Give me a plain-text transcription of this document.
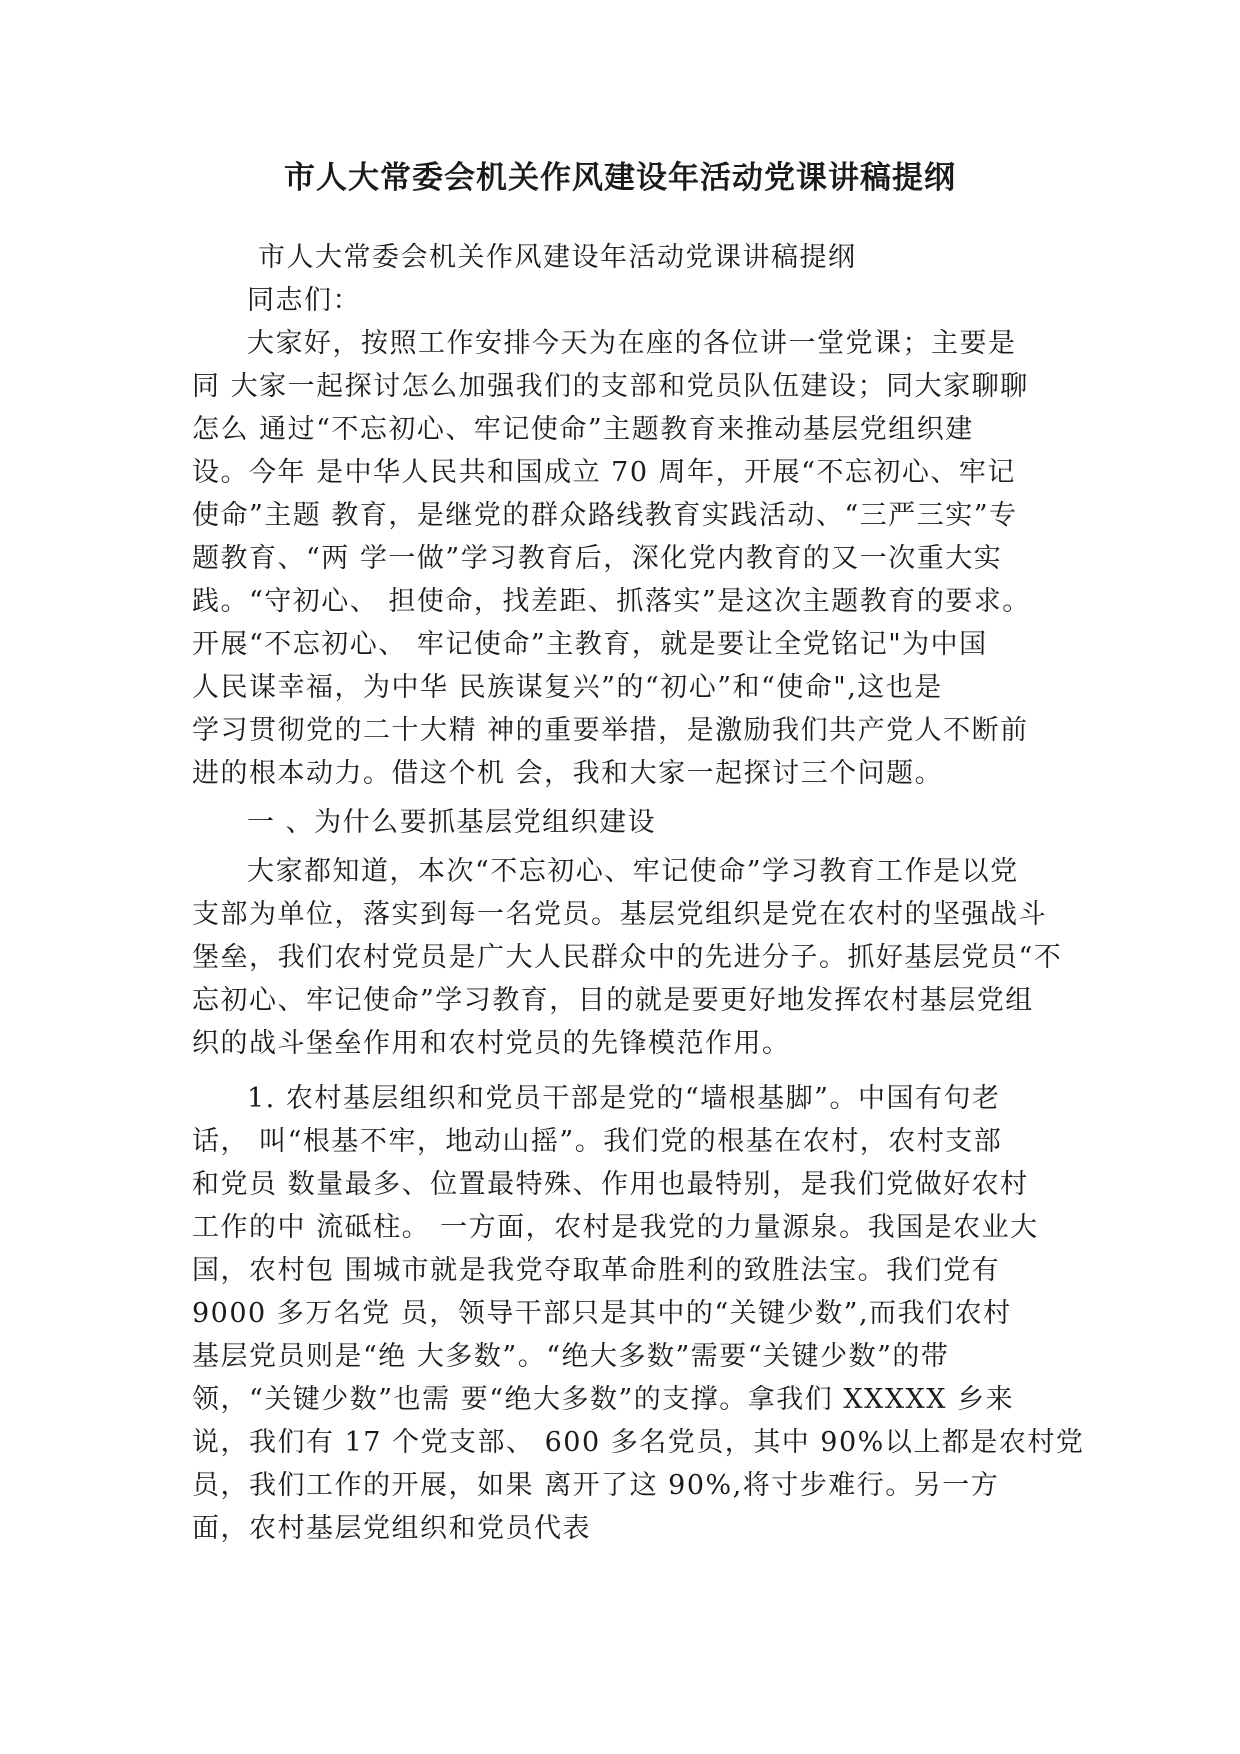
市人大常委会机关作风建设年活动党课讲稿提纲
市人大常委会机关作风建设年活动党课讲稿提纲
同志们：
大家好，按照工作安排今天为在座的各位讲一堂党课；主要是
同 大家一起探讨怎么加强我们的支部和党员队伍建设；同大家聊聊
怎么 通过“不忘初心、牢记使命”主题教育来推动基层党组织建
设。今年 是中华人民共和国成立 70 周年，开展“不忘初心、牢记
使命”主题 教育，是继党的群众路线教育实践活动、“三严三实”专
题教育、“两 学一做”学习教育后，深化党内教育的又一次重大实
践。“守初心、 担使命，找差距、抓落实”是这次主题教育的要求。
开展“不忘初心、 牢记使命”主教育，就是要让全党铭记"为中国
人民谋幸福，为中华 民族谋复兴”的“初心”和“使命",这也是
学习贯彻党的二十大精 神的重要举措，是激励我们共产党人不断前
进的根本动力。借这个机 会，我和大家一起探讨三个问题。
一 、为什么要抓基层党组织建设
大家都知道，本次“不忘初心、牢记使命”学习教育工作是以党
支部为单位，落实到每一名党员。基层党组织是党在农村的坚强战斗
堡垒，我们农村党员是广大人民群众中的先进分子。抓好基层党员“不
忘初心、牢记使命”学习教育，目的就是要更好地发挥农村基层党组
织的战斗堡垒作用和农村党员的先锋模范作用。
1. 农村基层组织和党员干部是党的“墙根基脚”。中国有句老
话， 叫“根基不牢，地动山摇”。我们党的根基在农村，农村支部
和党员 数量最多、位置最特殊、作用也最特别，是我们党做好农村
工作的中 流砥柱。 一方面，农村是我党的力量源泉。我国是农业大
国，农村包 围城市就是我党夺取革命胜利的致胜法宝。我们党有
9000 多万名党 员，领导干部只是其中的“关键少数”,而我们农村
基层党员则是“绝 大多数”。“绝大多数”需要“关键少数”的带
领，“关键少数”也需 要“绝大多数”的支撑。拿我们 XXXXX 乡来
说，我们有 17 个党支部、 600 多名党员，其中 90%以上都是农村党
员，我们工作的开展，如果 离开了这 90%,将寸步难行。另一方
面，农村基层党组织和党员代表
